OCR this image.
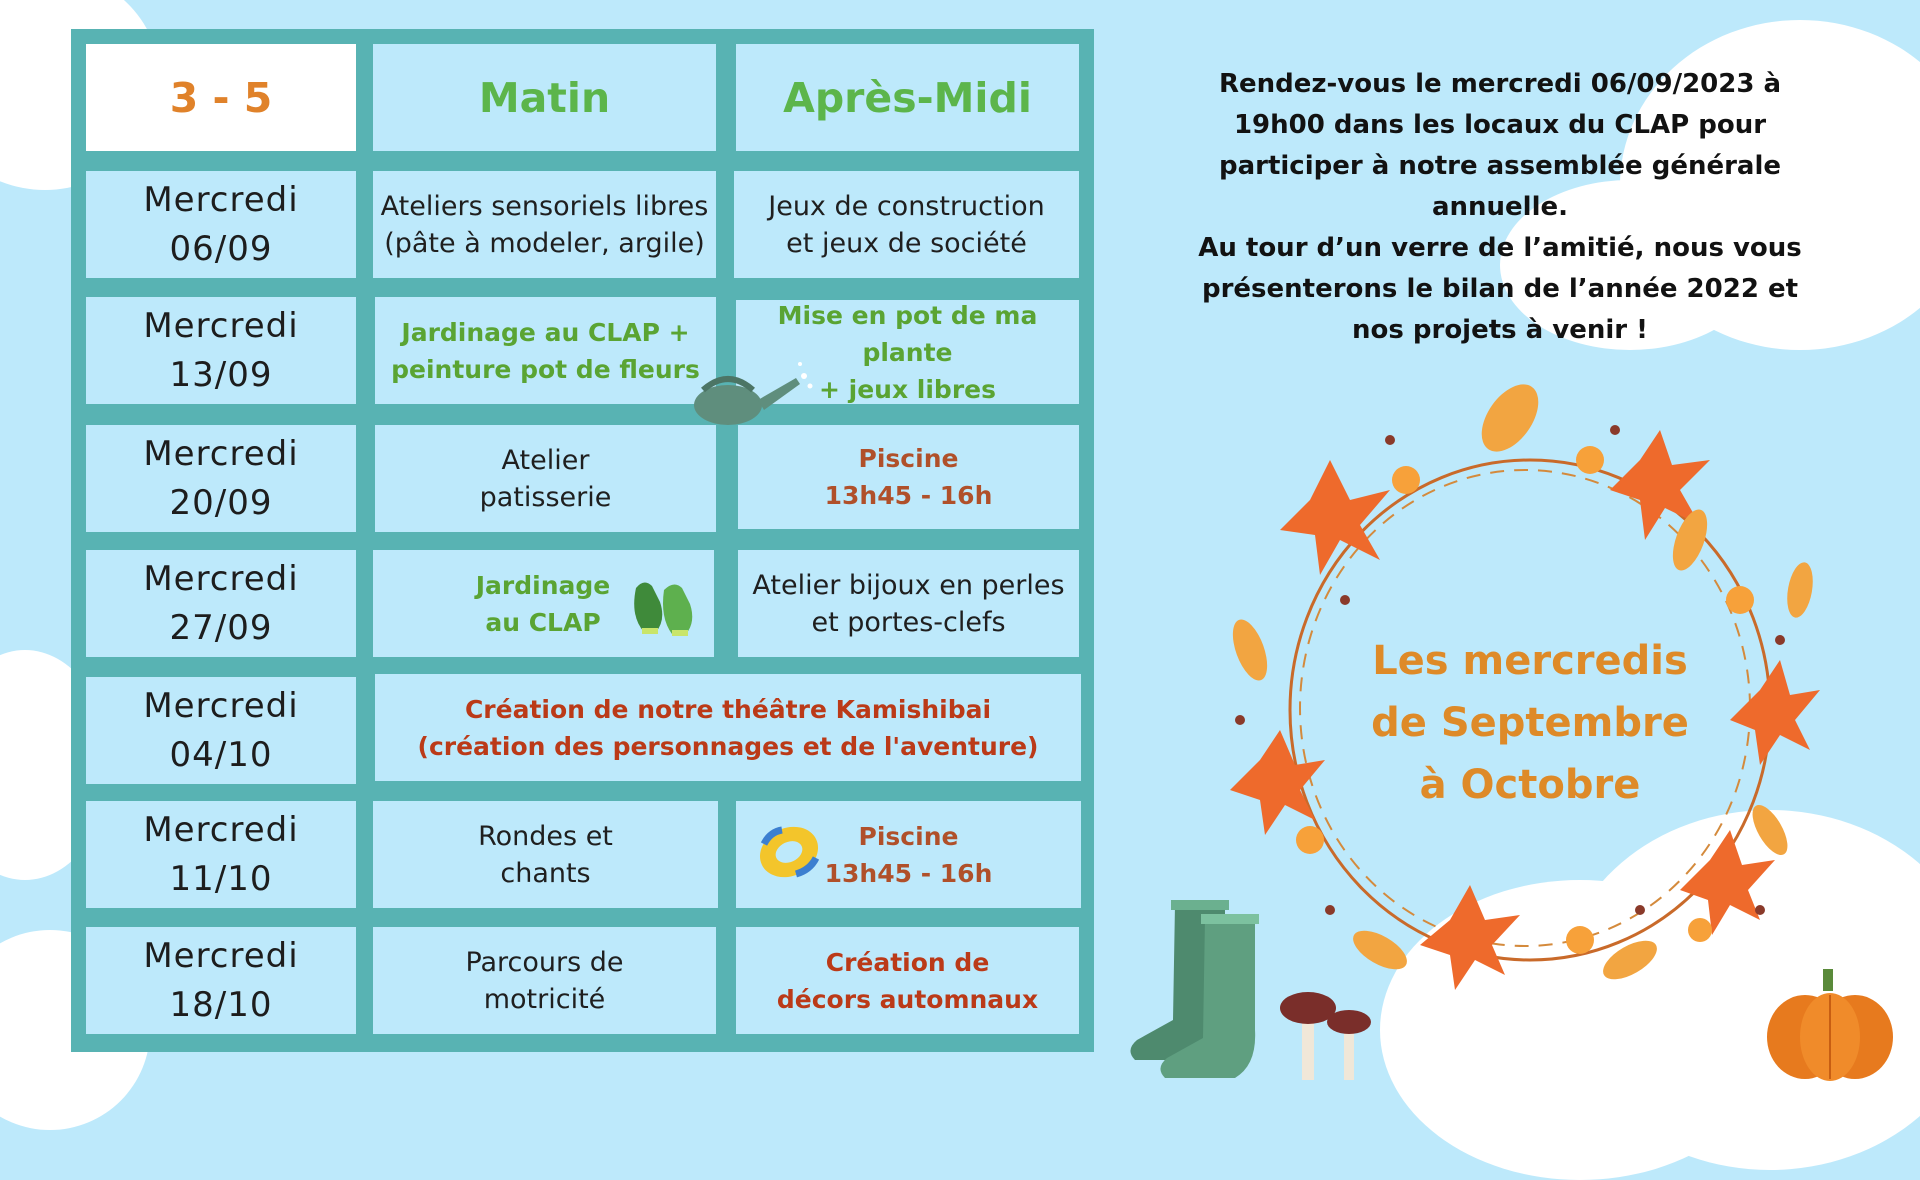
3 - 5	Matin	Après-Midi
Mercredi
06/09
Ateliers sensoriels libres
(pâte à modeler, argile)
Jeux de construction
et jeux de société
Mercredi
13/09
Jardinage au CLAP +
peinture pot de fleurs
Mise en pot de ma plante
+ jeux libres
Mercredi
20/09
Atelier
patisserie
Piscine
13h45 - 16h
Mercredi
27/09
Jardinage
au CLAP
Atelier bijoux en perles
et portes-clefs
Mercredi
04/10
Création de notre théâtre Kamishibai
(création des personnages et de l'aventure)
Mercredi
11/10
Rondes et
chants
Piscine
13h45 - 16h
Mercredi
18/10
Parcours de
motricité
Création de
décors automnaux
Rendez-vous le mercredi 06/09/2023 à
19h00 dans les locaux du CLAP pour
participer à notre assemblée générale
annuelle.
Au tour d’un verre de l’amitié, nous vous
présenterons le bilan de l’année 2022 et
nos projets à venir !
Les mercredis
de Septembre
à Octobre
